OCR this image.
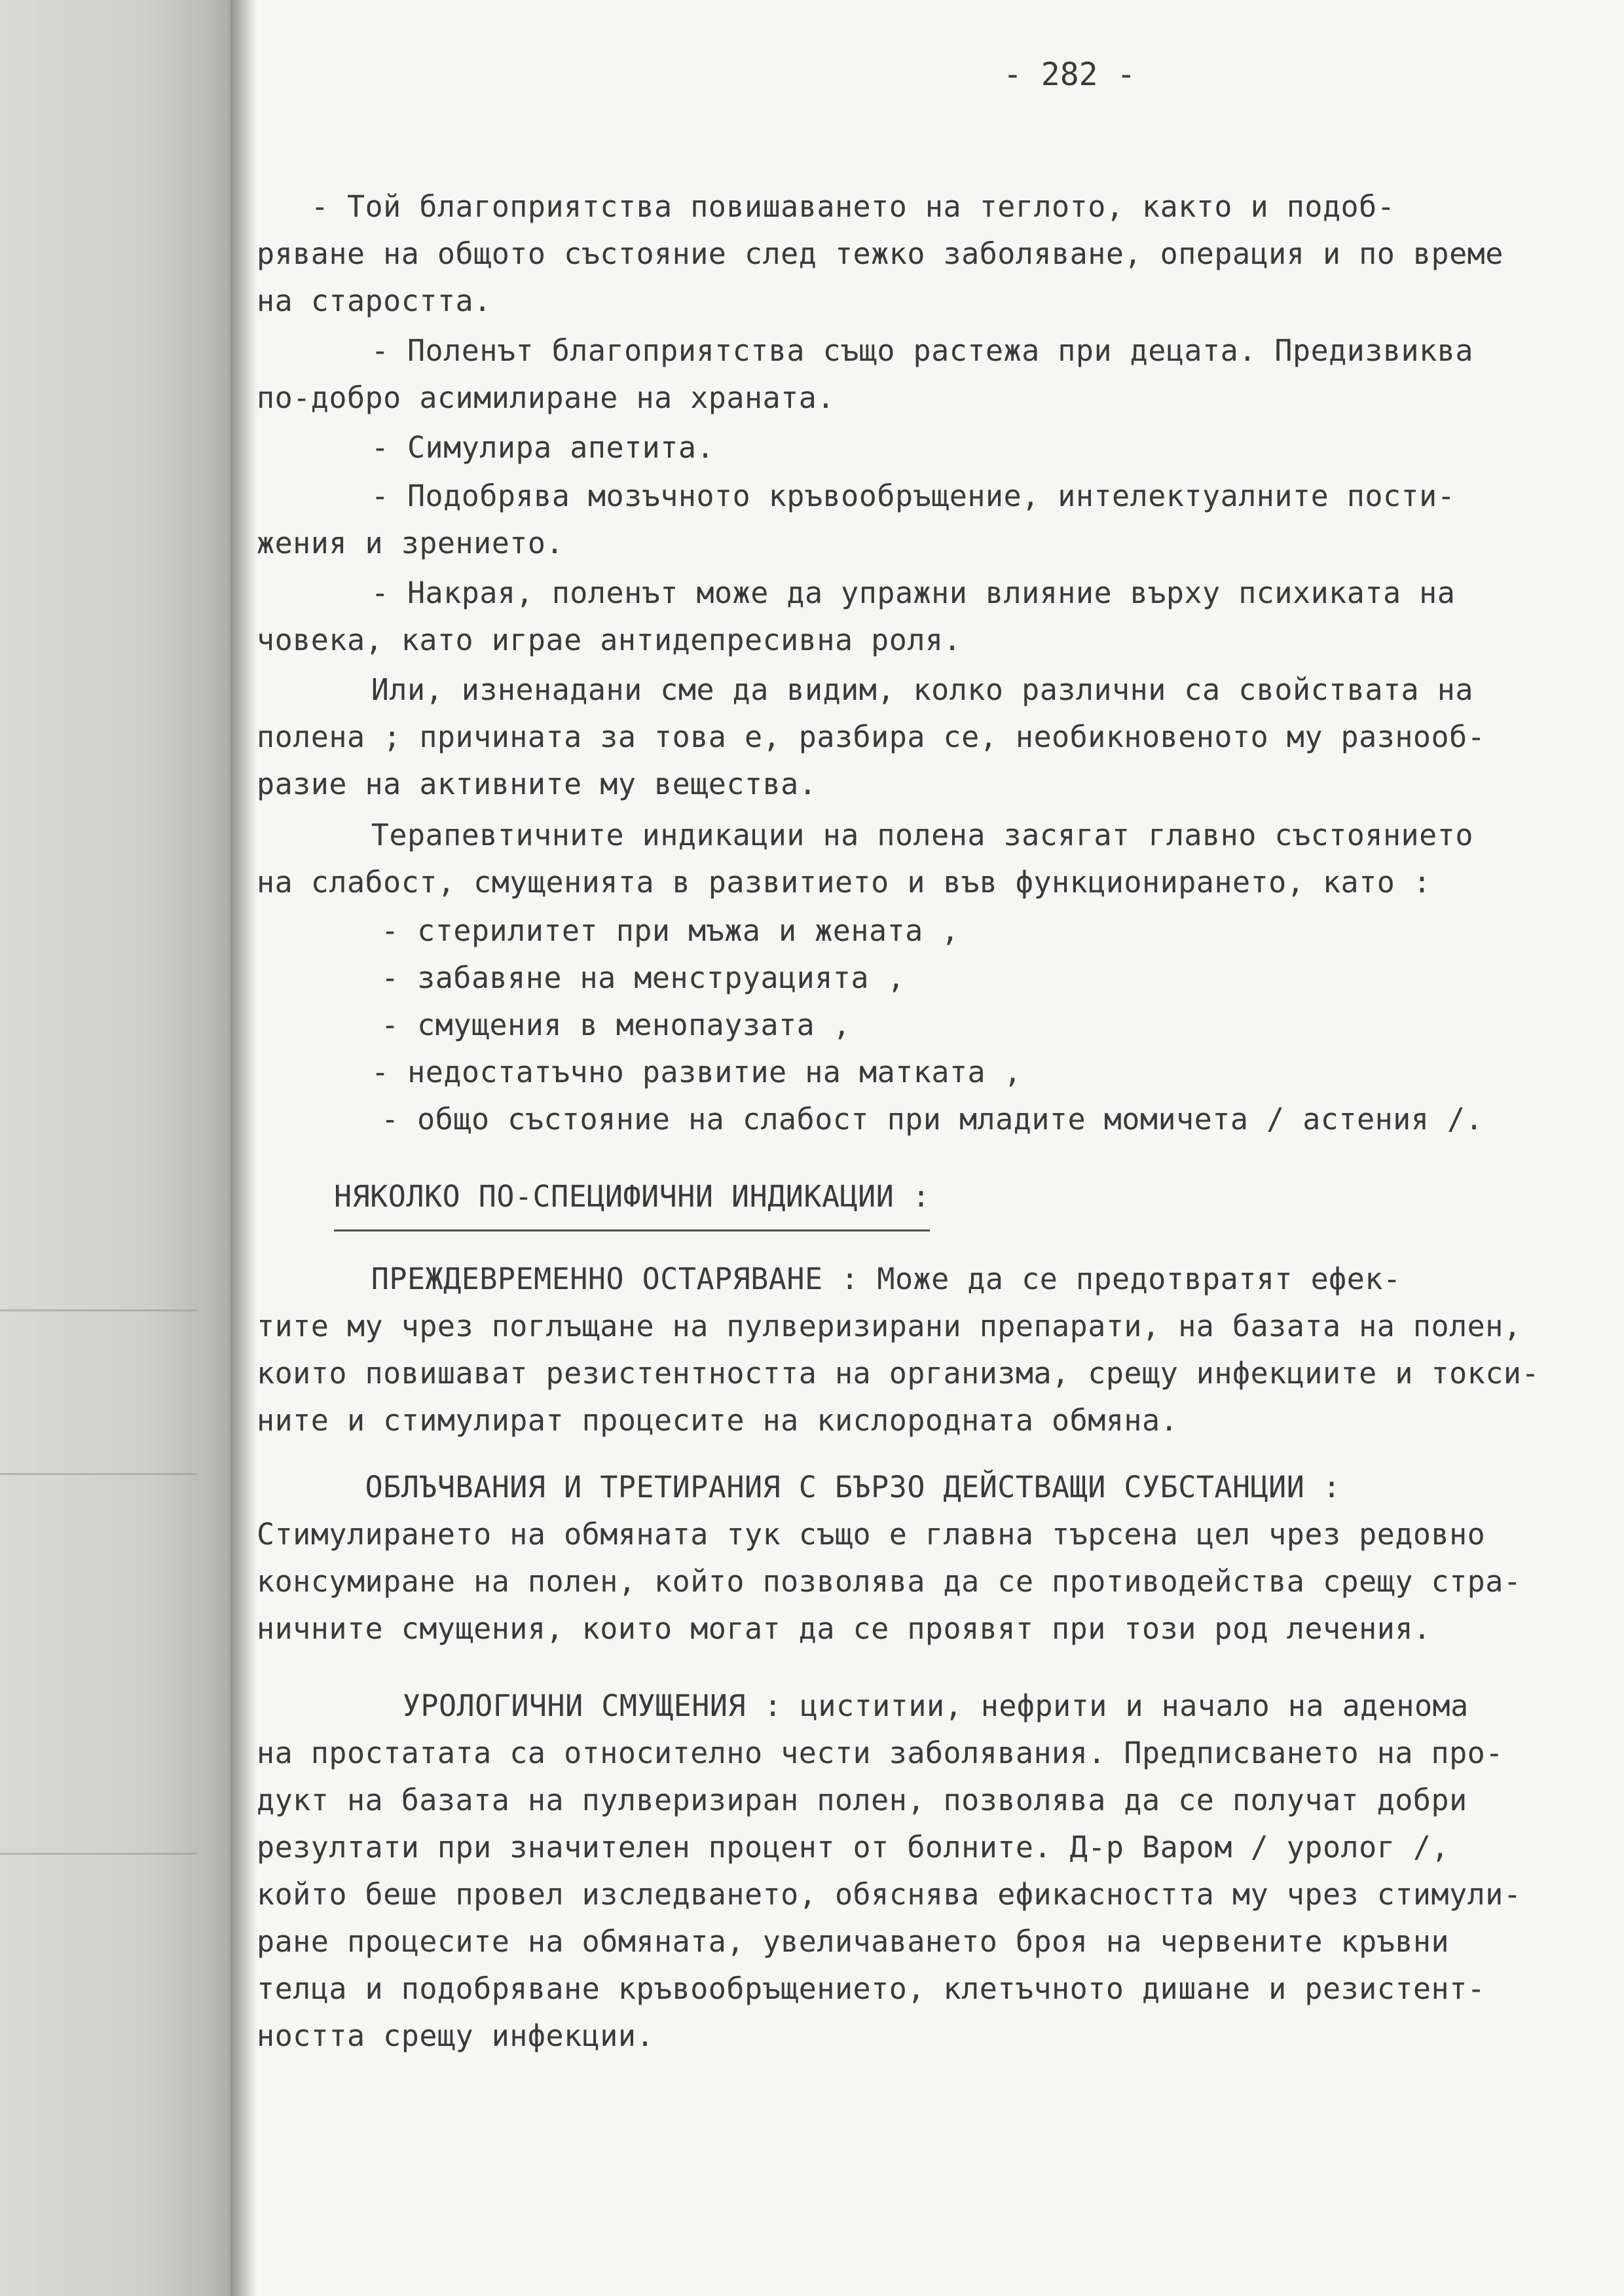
- 282 -
- Той благоприятства повишаването на теглото, както и подоб-
ряване на общото състояние след тежко заболяване, операция и по време
на старостта.
- Поленът благоприятства също растежа при децата. Предизвиква
по-добро асимилиране на храната.
- Симулира апетита.
- Подобрява мозъчното кръвообръщение, интелектуалните пости-
жения и зрението.
- Накрая, поленът може да упражни влияние върху психиката на
човека, като играе антидепресивна роля.
Или, изненадани сме да видим, колко различни са свойствата на
полена ; причината за това е, разбира се, необикновеното му разнооб-
разие на активните му вещества.
Терапевтичните индикации на полена засягат главно състоянието
на слабост, смущенията в развитието и във функционирането, като :
- стерилитет при мъжа и жената ,
- забавяне на менструацията ,
- смущения в менопаузата ,
- недостатъчно развитие на матката ,
- общо състояние на слабост при младите момичета / астения /.
НЯКОЛКО ПО-СПЕЦИФИЧНИ ИНДИКАЦИИ :
ПРЕЖДЕВРЕМЕННО ОСТАРЯВАНЕ : Може да се предотвратят ефек-
тите му чрез поглъщане на пулверизирани препарати, на базата на полен,
които повишават резистентността на организма, срещу инфекциите и токси-
ните и стимулират процесите на кислородната обмяна.
ОБЛЪЧВАНИЯ И ТРЕТИРАНИЯ С БЪРЗО ДЕЙСТВАЩИ СУБСТАНЦИИ :
Стимулирането на обмяната тук също е главна търсена цел чрез редовно
консумиране на полен, който позволява да се противодейства срещу стра-
ничните смущения, които могат да се проявят при този род лечения.
УРОЛОГИЧНИ СМУЩЕНИЯ : циститии, нефрити и начало на аденома
на простатата са относително чести заболявания. Предписването на про-
дукт на базата на пулверизиран полен, позволява да се получат добри
резултати при значителен процент от болните. Д-р Варом / уролог /,
който беше провел изследването, обяснява ефикасността му чрез стимули-
ране процесите на обмяната, увеличаването броя на червените кръвни
телца и подобряване кръвообръщението, клетъчното дишане и резистент-
ността срещу инфекции.
